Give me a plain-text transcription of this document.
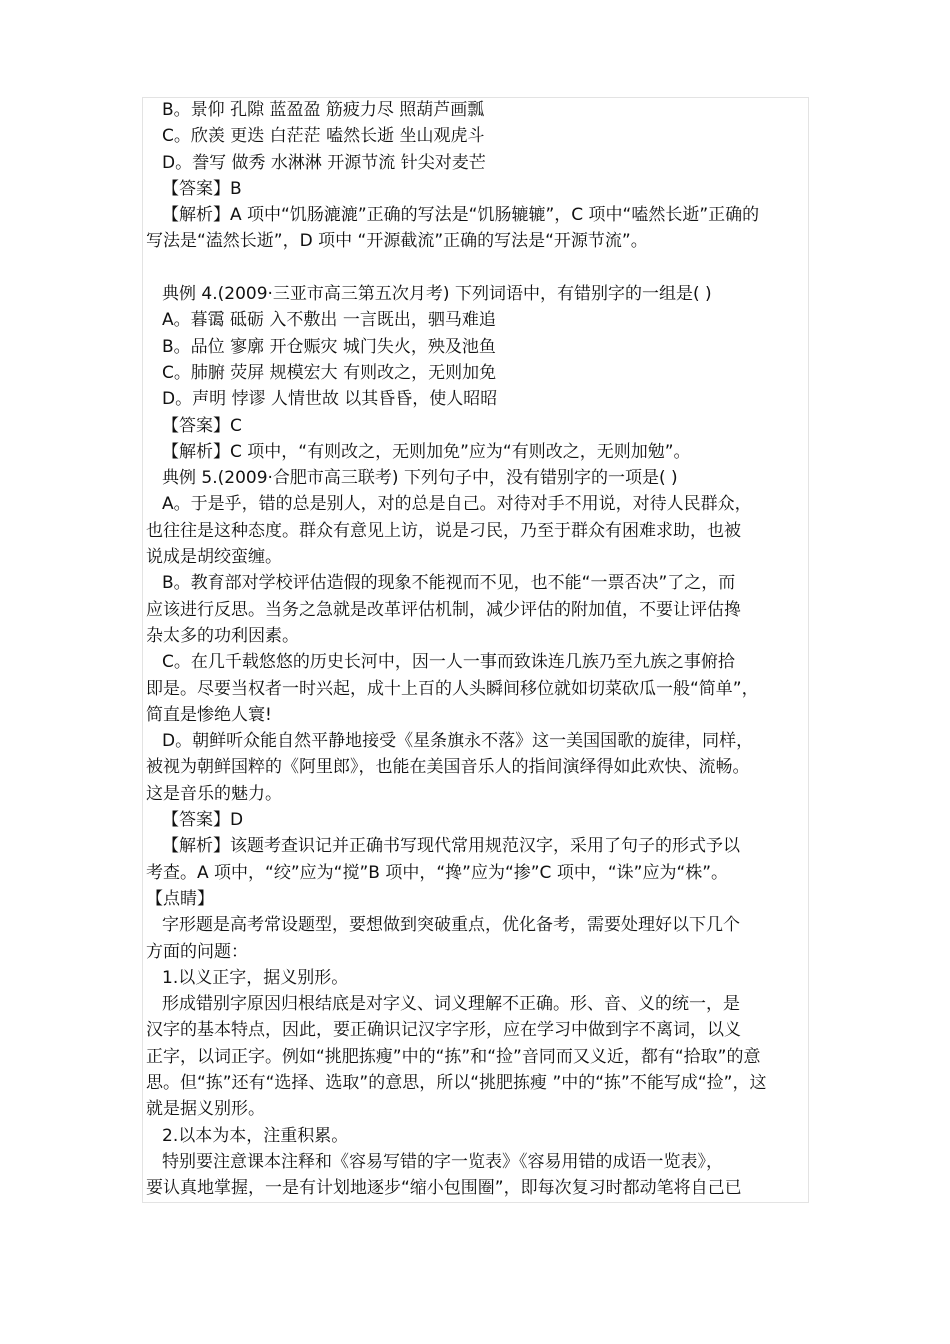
B。景仰 孔隙 蓝盈盈 筋疲力尽 照葫芦画瓢
C。欣羡 更迭 白茫茫 嗑然长逝 坐山观虎斗
D。誊写 做秀 水淋淋 开源节流 针尖对麦芒
【答案】B
【解析】A 项中“饥肠漉漉”正确的写法是“饥肠辘辘”，C 项中“嗑然长逝”正确的
写法是“溘然长逝”，D 项中 “开源截流”正确的写法是“开源节流”。
典例 4.(2009·三亚市高三第五次月考) 下列词语中，有错别字的一组是( )
A。暮霭 砥砺 入不敷出 一言既出，驷马难追
B。品位 寥廓 开仓赈灾 城门失火，殃及池鱼
C。肺腑 荧屏 规模宏大 有则改之，无则加免
D。声明 悖谬 人情世故 以其昏昏，使人昭昭
【答案】C
【解析】C 项中，“有则改之，无则加免”应为“有则改之，无则加勉”。
典例 5.(2009·合肥市高三联考) 下列句子中，没有错别字的一项是( )
A。于是乎，错的总是别人，对的总是自己。对待对手不用说，对待人民群众，
也往往是这种态度。群众有意见上访，说是刁民，乃至于群众有困难求助，也被
说成是胡绞蛮缠。
B。教育部对学校评估造假的现象不能视而不见，也不能“一票否决”了之，而
应该进行反思。当务之急就是改革评估机制，减少评估的附加值，不要让评估搀
杂太多的功利因素。
C。在几千载悠悠的历史长河中，因一人一事而致诛连几族乃至九族之事俯拾
即是。尽要当权者一时兴起，成十上百的人头瞬间移位就如切菜砍瓜一般“简单”，
简直是惨绝人寰!
D。朝鲜听众能自然平静地接受《星条旗永不落》这一美国国歌的旋律，同样，
被视为朝鲜国粹的《阿里郎》，也能在美国音乐人的指间演绎得如此欢快、流畅。
这是音乐的魅力。
【答案】D
【解析】该题考查识记并正确书写现代常用规范汉字，采用了句子的形式予以
考查。A 项中，“绞”应为“搅”B 项中，“搀”应为“掺”C 项中，“诛”应为“株”。
【点睛】
字形题是高考常设题型，要想做到突破重点，优化备考，需要处理好以下几个
方面的问题：
1.以义正字，据义别形。
形成错别字原因归根结底是对字义、词义理解不正确。形、音、义的统一，是
汉字的基本特点，因此，要正确识记汉字字形，应在学习中做到字不离词，以义
正字，以词正字。例如“挑肥拣瘦”中的“拣”和“捡”音同而又义近，都有“拾取”的意
思。但“拣”还有“选择、选取”的意思，所以“挑肥拣瘦 ”中的“拣”不能写成“捡”，这
就是据义别形。
2.以本为本，注重积累。
特别要注意课本注释和《容易写错的字一览表》《容易用错的成语一览表》，
要认真地掌握，一是有计划地逐步“缩小包围圈”，即每次复习时都动笔将自己已
